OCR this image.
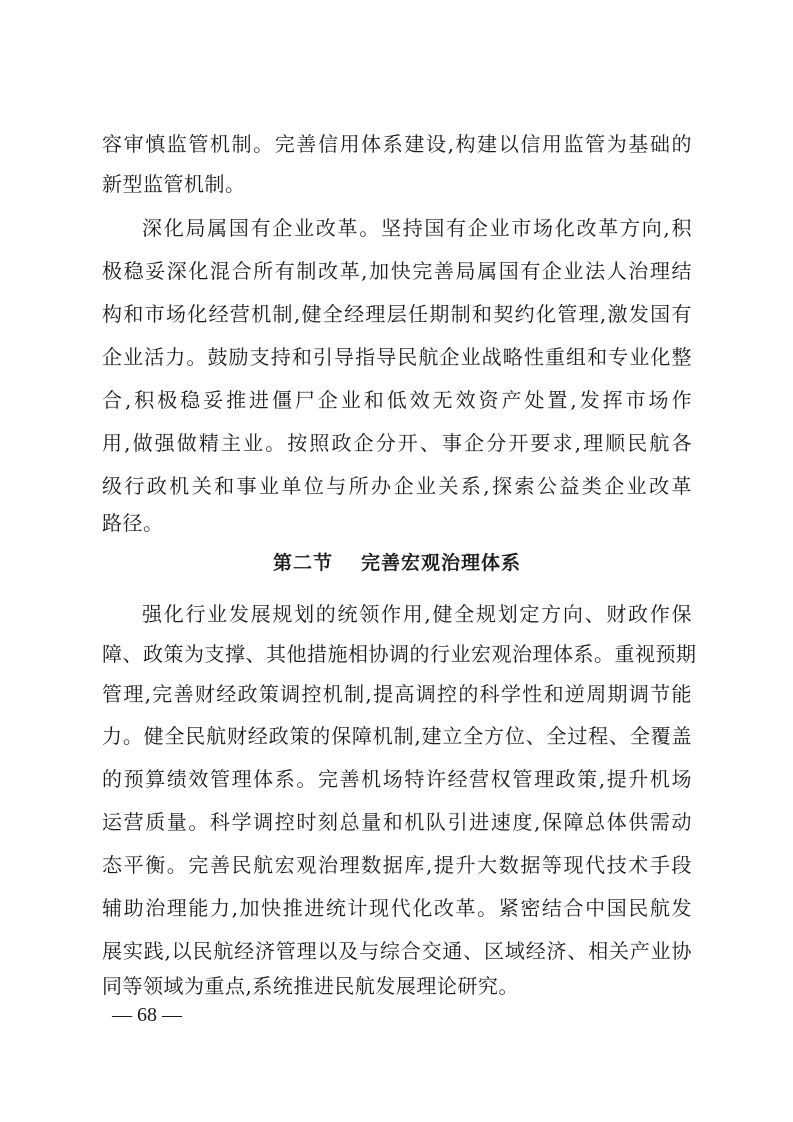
容审慎监管机制。完善信用体系建设,构建以信用监管为基础的
新型监管机制。
深化局属国有企业改革。坚持国有企业市场化改革方向,积
极稳妥深化混合所有制改革,加快完善局属国有企业法人治理结
构和市场化经营机制,健全经理层任期制和契约化管理,激发国有
企业活力。鼓励支持和引导指导民航企业战略性重组和专业化整
合,积极稳妥推进僵尸企业和低效无效资产处置,发挥市场作
用,做强做精主业。按照政企分开、事企分开要求,理顺民航各
级行政机关和事业单位与所办企业关系,探索公益类企业改革
路径。
第二节 完善宏观治理体系
强化行业发展规划的统领作用,健全规划定方向、财政作保
障、政策为支撑、其他措施相协调的行业宏观治理体系。重视预期
管理,完善财经政策调控机制,提高调控的科学性和逆周期调节能
力。健全民航财经政策的保障机制,建立全方位、全过程、全覆盖
的预算绩效管理体系。完善机场特许经营权管理政策,提升机场
运营质量。科学调控时刻总量和机队引进速度,保障总体供需动
态平衡。完善民航宏观治理数据库,提升大数据等现代技术手段
辅助治理能力,加快推进统计现代化改革。紧密结合中国民航发
展实践,以民航经济管理以及与综合交通、区域经济、相关产业协
同等领域为重点,系统推进民航发展理论研究。
— 68 —
